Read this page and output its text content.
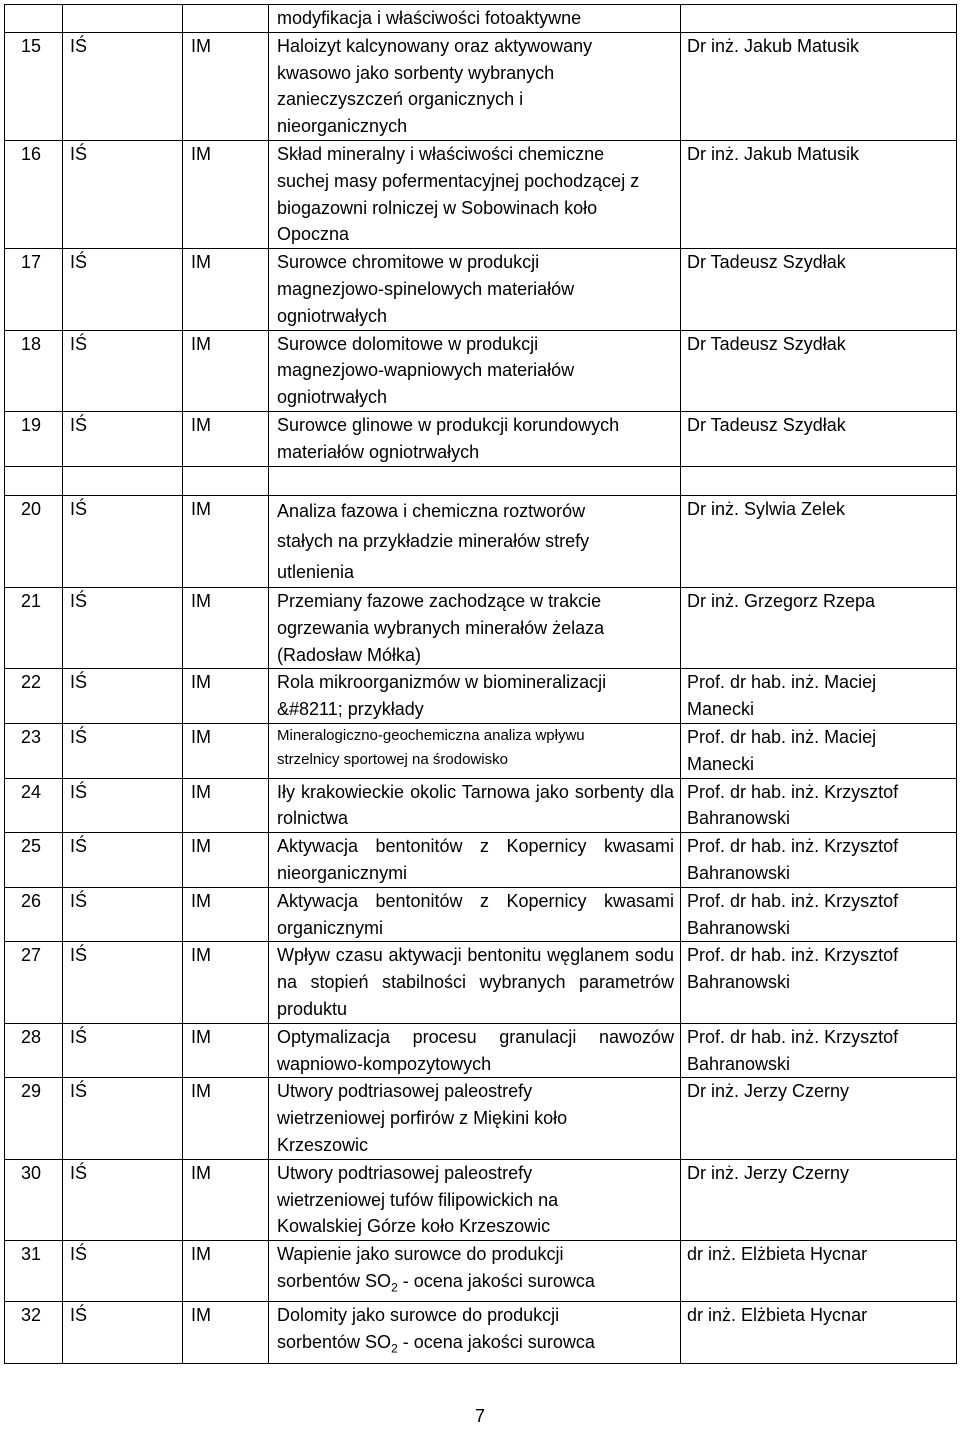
			modyfikacja i właściwości fotoaktywne	

15	IŚ	IM	Haloizyt kalcynowany oraz aktywowany
kwasowo jako sorbenty wybranych
zanieczyszczeń organicznych i
nieorganicznych	Dr inż. Jakub Matusik

16	IŚ	IM	Skład mineralny i właściwości chemiczne
suchej masy pofermentacyjnej pochodzącej z
biogazowni rolniczej w Sobowinach koło
Opoczna	Dr inż. Jakub Matusik

17	IŚ	IM	Surowce chromitowe w produkcji
magnezjowo-spinelowych materiałów
ogniotrwałych	Dr Tadeusz Szydłak

18	IŚ	IM	Surowce dolomitowe w produkcji
magnezjowo-wapniowych materiałów
ogniotrwałych	Dr Tadeusz Szydłak

19	IŚ	IM	Surowce glinowe w produkcji korundowych
materiałów ogniotrwałych	Dr Tadeusz Szydłak

20	IŚ	IM	Analiza fazowa i chemiczna roztworów
stałych na przykładzie minerałów strefy
utlenienia	Dr inż. Sylwia Zelek

21	IŚ	IM	Przemiany fazowe zachodzące w trakcie
ogrzewania wybranych minerałów żelaza
(Radosław Mółka)	Dr inż. Grzegorz Rzepa

22	IŚ	IM	Rola mikroorganizmów w biomineralizacji
&#8211; przykłady	Prof. dr hab. inż. Maciej
Manecki

23	IŚ	IM	Mineralogiczno-geochemiczna analiza wpływu
strzelnicy sportowej na środowisko	Prof. dr hab. inż. Maciej
Manecki

24	IŚ	IM	Iły krakowieckie okolic Tarnowa jako sorbenty dla rolnictwa	Prof. dr hab. inż. Krzysztof
Bahranowski

25	IŚ	IM	Aktywacja bentonitów z Kopernicy kwasami nieorganicznymi	Prof. dr hab. inż. Krzysztof
Bahranowski

26	IŚ	IM	Aktywacja bentonitów z Kopernicy kwasami organicznymi	Prof. dr hab. inż. Krzysztof
Bahranowski

27	IŚ	IM	Wpływ czasu aktywacji bentonitu węglanem sodu na stopień stabilności wybranych parametrów produktu	Prof. dr hab. inż. Krzysztof
Bahranowski

28	IŚ	IM	Optymalizacja procesu granulacji nawozów wapniowo-kompozytowych	Prof. dr hab. inż. Krzysztof
Bahranowski

29	IŚ	IM	Utwory podtriasowej paleostrefy
wietrzeniowej porfirów z Miękini koło
Krzeszowic	Dr inż. Jerzy Czerny

30	IŚ	IM	Utwory podtriasowej paleostrefy
wietrzeniowej tufów filipowickich na
Kowalskiej Górze koło Krzeszowic	Dr inż. Jerzy Czerny

31	IŚ	IM	Wapienie jako surowce do produkcji
sorbentów $SO_2$ - ocena jakości surowca	dr inż. Elżbieta Hycnar

32	IŚ	IM	Dolomity jako surowce do produkcji
sorbentów $SO_2$ - ocena jakości surowca	dr inż. Elżbieta Hycnar
7
